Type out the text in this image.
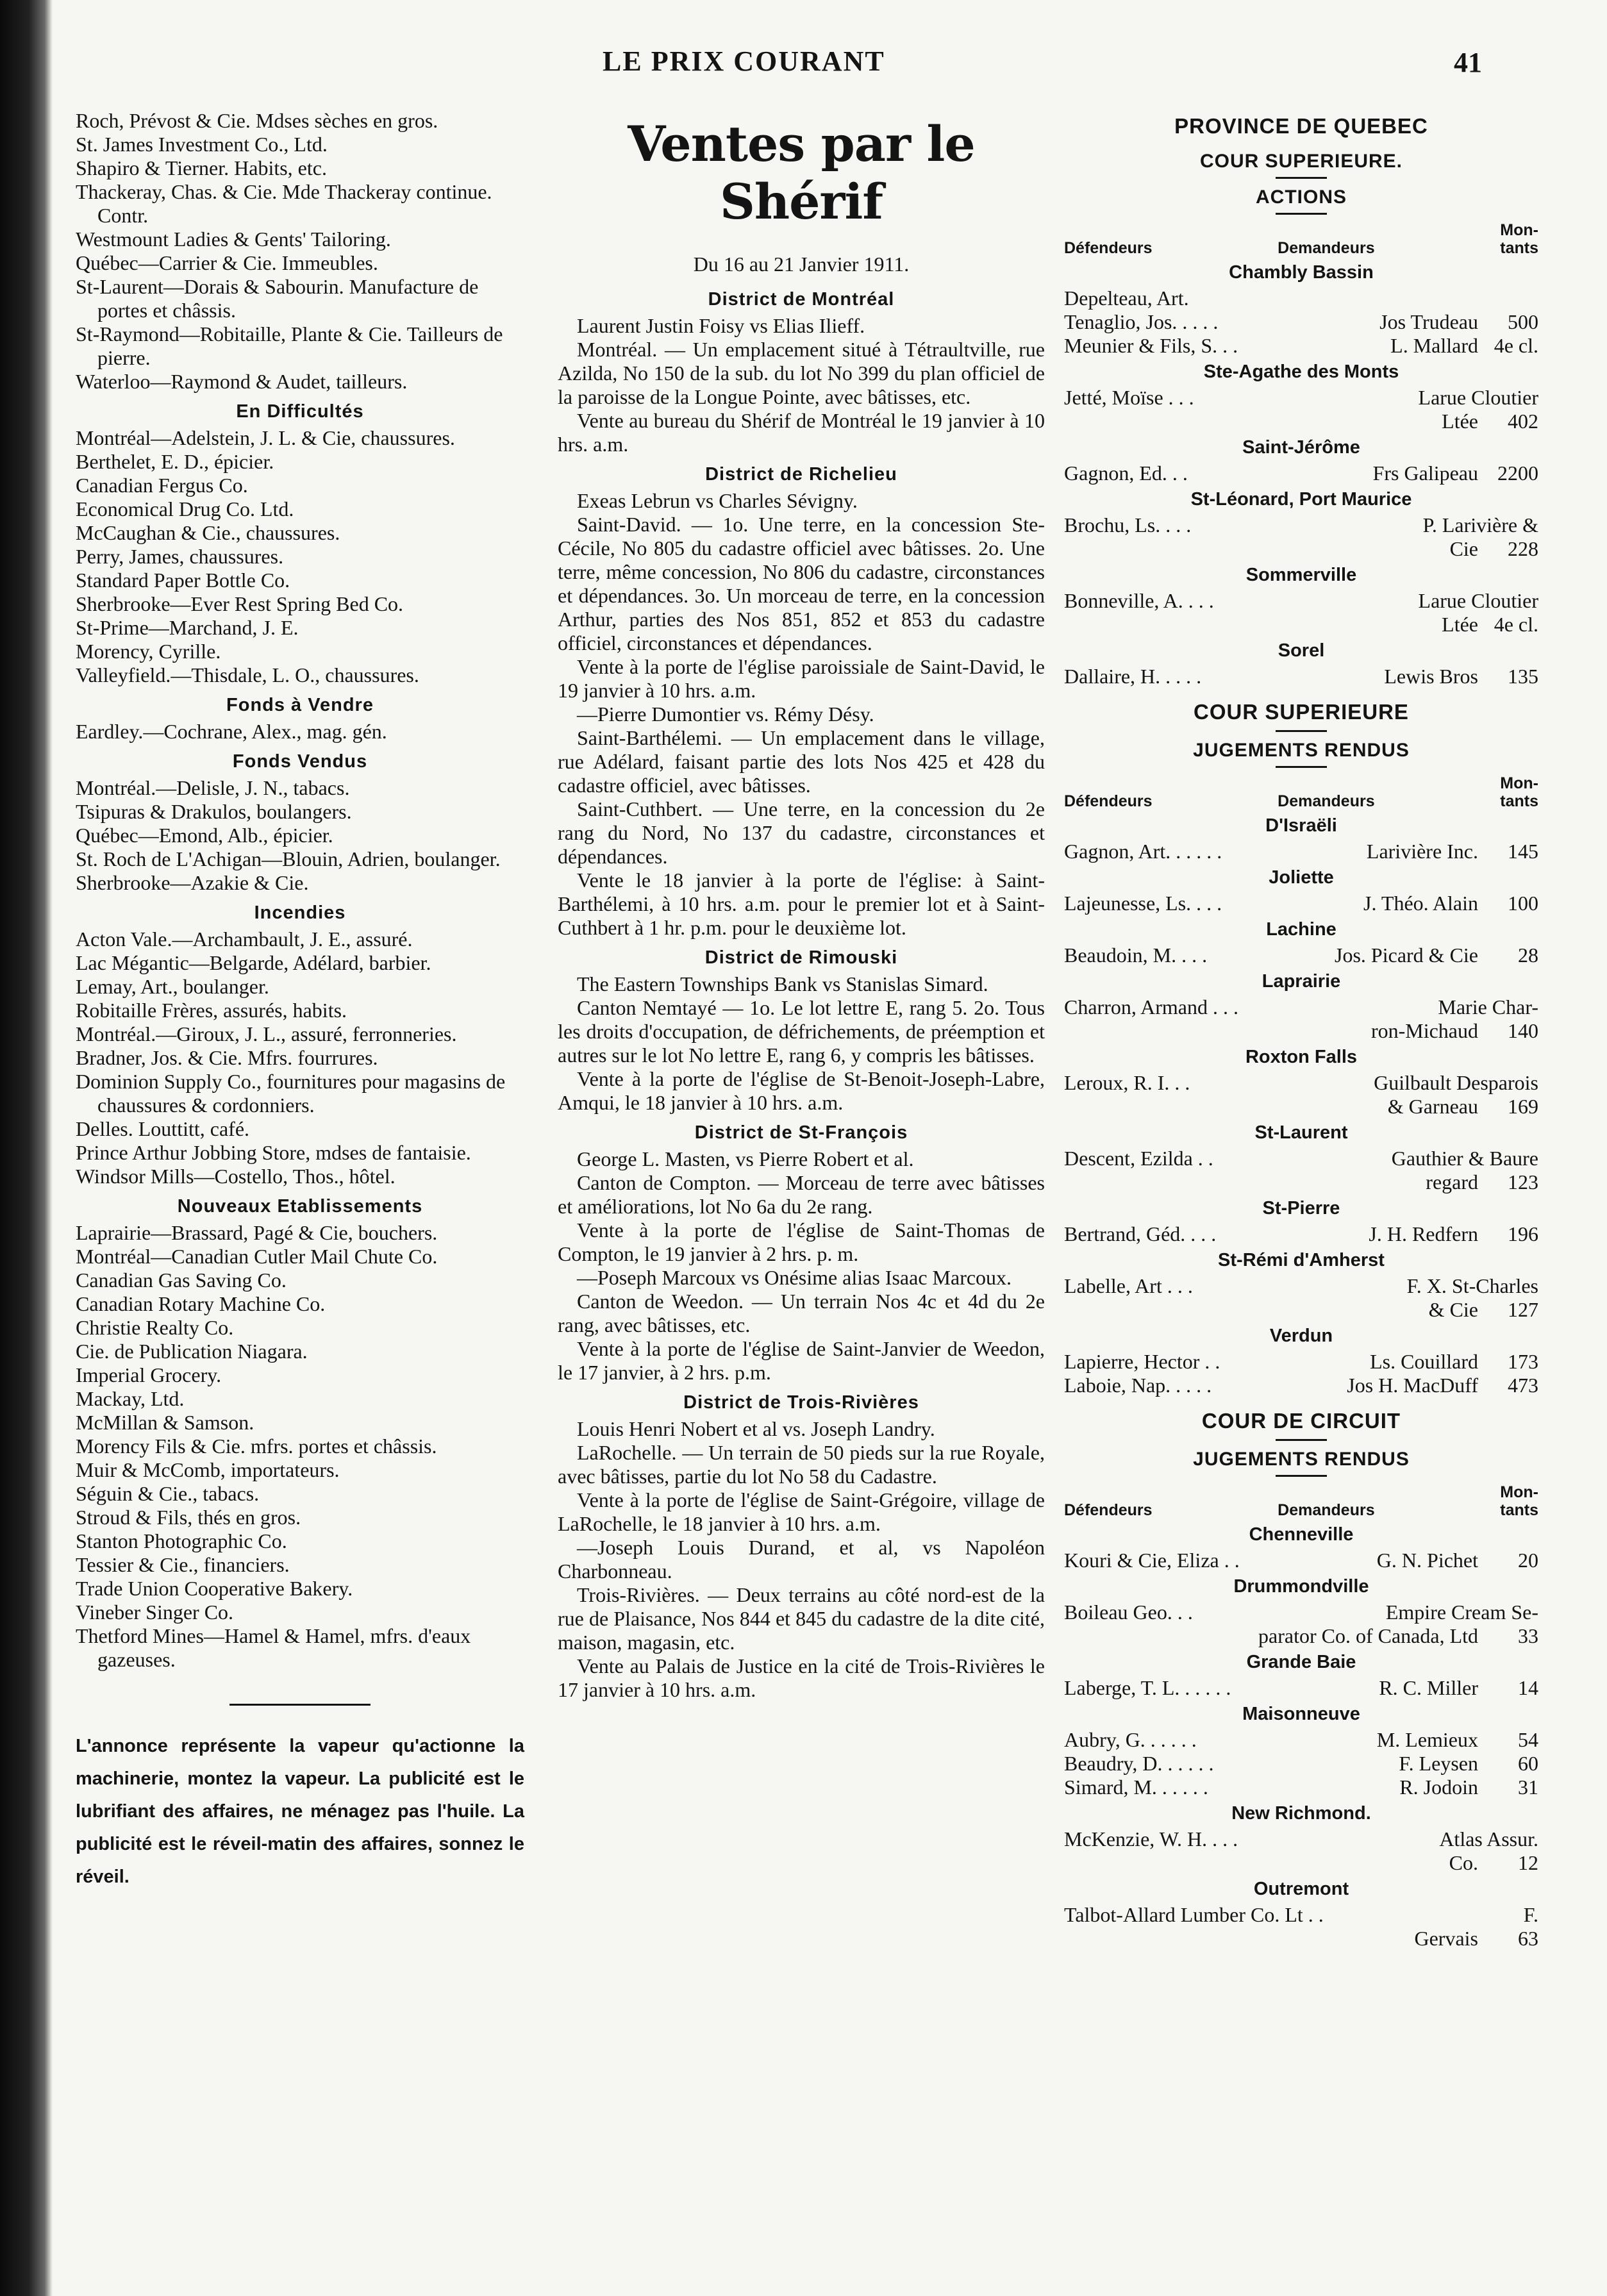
LE PRIX COURANT	41

Roch, Prévost & Cie. Mdses sèches en gros.

St. James Investment Co., Ltd.

Shapiro & Tierner. Habits, etc.

Thackeray, Chas. & Cie. Mde Thackeray continue. Contr.

Westmount Ladies & Gents' Tailoring.

Québec—Carrier & Cie. Immeubles.

St-Laurent—Dorais & Sabourin. Manufacture de portes et châssis.

St-Raymond—Robitaille, Plante & Cie. Tailleurs de pierre.

Waterloo—Raymond & Audet, tailleurs.

En Difficultés

Montréal—Adelstein, J. L. & Cie, chaussures.

Berthelet, E. D., épicier.

Canadian Fergus Co.

Economical Drug Co. Ltd.

McCaughan & Cie., chaussures.

Perry, James, chaussures.

Standard Paper Bottle Co.

Sherbrooke—Ever Rest Spring Bed Co.

St-Prime—Marchand, J. E.

Morency, Cyrille.

Valleyfield.—Thisdale, L. O., chaussures.

Fonds à Vendre

Eardley.—Cochrane, Alex., mag. gén.

Fonds Vendus

Montréal.—Delisle, J. N., tabacs.

Tsipuras & Drakulos, boulangers.

Québec—Emond, Alb., épicier.

St. Roch de L'Achigan—Blouin, Adrien, boulanger.

Sherbrooke—Azakie & Cie.

Incendies

Acton Vale.—Archambault, J. E., assuré.

Lac Mégantic—Belgarde, Adélard, barbier.

Lemay, Art., boulanger.

Robitaille Frères, assurés, habits.

Montréal.—Giroux, J. L., assuré, ferronneries.

Bradner, Jos. & Cie. Mfrs. fourrures.

Dominion Supply Co., fournitures pour magasins de chaussures & cordonniers.

Delles. Louttitt, café.

Prince Arthur Jobbing Store, mdses de fantaisie.

Windsor Mills—Costello, Thos., hôtel.

Nouveaux Etablissements

Laprairie—Brassard, Pagé & Cie, bouchers.

Montréal—Canadian Cutler Mail Chute Co.

Canadian Gas Saving Co.

Canadian Rotary Machine Co.

Christie Realty Co.

Cie. de Publication Niagara.

Imperial Grocery.

Mackay, Ltd.

McMillan & Samson.

Morency Fils & Cie. mfrs. portes et châssis.

Muir & McComb, importateurs.

Séguin & Cie., tabacs.

Stroud & Fils, thés en gros.

Stanton Photographic Co.

Tessier & Cie., financiers.

Trade Union Cooperative Bakery.

Vineber Singer Co.

Thetford Mines—Hamel & Hamel, mfrs. d'eaux gazeuses.

L'annonce représente la vapeur qu'actionne la machinerie, montez la vapeur. La publicité est le lubrifiant des affaires, ne ménagez pas l'huile. La publicité est le réveil-matin des affaires, sonnez le réveil.

Ventes par le Shérif
Du 16 au 21 Janvier 1911.
District de Montréal

Laurent Justin Foisy vs Elias Ilieff.

Montréal. — Un emplacement situé à Tétraultville, rue Azilda, No 150 de la sub. du lot No 399 du plan officiel de la paroisse de la Longue Pointe, avec bâtisses, etc.

Vente au bureau du Shérif de Montréal le 19 janvier à 10 hrs. a.m.

District de Richelieu

Exeas Lebrun vs Charles Sévigny.

Saint-David. — 1o. Une terre, en la concession Ste-Cécile, No 805 du cadastre officiel avec bâtisses. 2o. Une terre, même concession, No 806 du cadastre, circonstances et dépendances. 3o. Un morceau de terre, en la concession Arthur, parties des Nos 851, 852 et 853 du cadastre officiel, circonstances et dépendances.

Vente à la porte de l'église paroissiale de Saint-David, le 19 janvier à 10 hrs. a.m.

—Pierre Dumontier vs. Rémy Désy.

Saint-Barthélemi. — Un emplacement dans le village, rue Adélard, faisant partie des lots Nos 425 et 428 du cadastre officiel, avec bâtisses.

Saint-Cuthbert. — Une terre, en la concession du 2e rang du Nord, No 137 du cadastre, circonstances et dépendances.

Vente le 18 janvier à la porte de l'église: à Saint-Barthélemi, à 10 hrs. a.m. pour le premier lot et à Saint-Cuthbert à 1 hr. p.m. pour le deuxième lot.

District de Rimouski

The Eastern Townships Bank vs Stanislas Simard.

Canton Nemtayé — 1o. Le lot lettre E, rang 5. 2o. Tous les droits d'occupation, de défrichements, de préemption et autres sur le lot No lettre E, rang 6, y compris les bâtisses.

Vente à la porte de l'église de St-Benoit-Joseph-Labre, Amqui, le 18 janvier à 10 hrs. a.m.

District de St-François

George L. Masten, vs Pierre Robert et al.

Canton de Compton. — Morceau de terre avec bâtisses et améliorations, lot No 6a du 2e rang.

Vente à la porte de l'église de Saint-Thomas de Compton, le 19 janvier à 2 hrs. p. m.

—Poseph Marcoux vs Onésime alias Isaac Marcoux.

Canton de Weedon. — Un terrain Nos 4c et 4d du 2e rang, avec bâtisses, etc.

Vente à la porte de l'église de Saint-Janvier de Weedon, le 17 janvier, à 2 hrs. p.m.

District de Trois-Rivières

Louis Henri Nobert et al vs. Joseph Landry.

LaRochelle. — Un terrain de 50 pieds sur la rue Royale, avec bâtisses, partie du lot No 58 du Cadastre.

Vente à la porte de l'église de Saint-Grégoire, village de LaRochelle, le 18 janvier à 10 hrs. a.m.

—Joseph Louis Durand, et al, vs Napoléon Charbonneau.

Trois-Rivières. — Deux terrains au côté nord-est de la rue de Plaisance, Nos 844 et 845 du cadastre de la dite cité, maison, magasin, etc.

Vente au Palais de Justice en la cité de Trois-Rivières le 17 janvier à 10 hrs. a.m.

PROVINCE DE QUEBEC
COUR SUPERIEURE.
ACTIONS
Défendeurs	Demandeurs
Mon-
tants
Chambly Bassin
Depelteau, Art.
Tenaglio, Jos. . . . .	Jos Trudeau	500
Meunier & Fils, S. . .	L. Mallard 4e cl.
Ste-Agathe des Monts
Jetté, Moïse . . .	Larue Cloutier
Ltée	402
Saint-Jérôme
Gagnon, Ed. . .	Frs Galipeau 2200
St-Léonard, Port Maurice
Brochu, Ls. . . .	P. Larivière &
Cie	228
Sommerville
Bonneville, A. . . .	Larue Cloutier
Ltée 4e cl.
Sorel
Dallaire, H. . . . .	Lewis Bros	135
COUR SUPERIEURE
JUGEMENTS RENDUS
Défendeurs	Demandeurs
Mon-
tants
D'Israëli
Gagnon, Art. . . . . .	Larivière Inc.	145
Joliette
Lajeunesse, Ls. . . .	J. Théo. Alain	100
Lachine
Beaudoin, M. . . .	Jos. Picard & Cie	28
Laprairie
Charron, Armand . . .	Marie Char-
ron-Michaud	140
Roxton Falls
Leroux, R. I. . .	Guilbault Desparois
& Garneau	169
St-Laurent
Descent, Ezilda . .	Gauthier & Baure
regard	123
St-Pierre
Bertrand, Géd. . . .	J. H. Redfern	196
St-Rémi d'Amherst
Labelle, Art . . .	F. X. St-Charles
& Cie	127
Verdun
Lapierre, Hector . .	Ls. Couillard	173
Laboie, Nap. . . . .	Jos H. MacDuff	473
COUR DE CIRCUIT
JUGEMENTS RENDUS
Défendeurs	Demandeurs
Mon-
tants
Chenneville
Kouri & Cie, Eliza . .	G. N. Pichet	20
Drummondville
Boileau Geo. . .	Empire Cream Se-
parator Co. of Canada, Ltd	33
Grande Baie
Laberge, T. L. . . . . .	R. C. Miller	14
Maisonneuve
Aubry, G. . . . . .	M. Lemieux	54
Beaudry, D. . . . . .	F. Leysen	60
Simard, M. . . . . .	R. Jodoin	31
New Richmond.
McKenzie, W. H. . . .	Atlas Assur.
Co.	12
Outremont
Talbot-Allard Lumber Co. Lt . .	F.
Gervais	63
